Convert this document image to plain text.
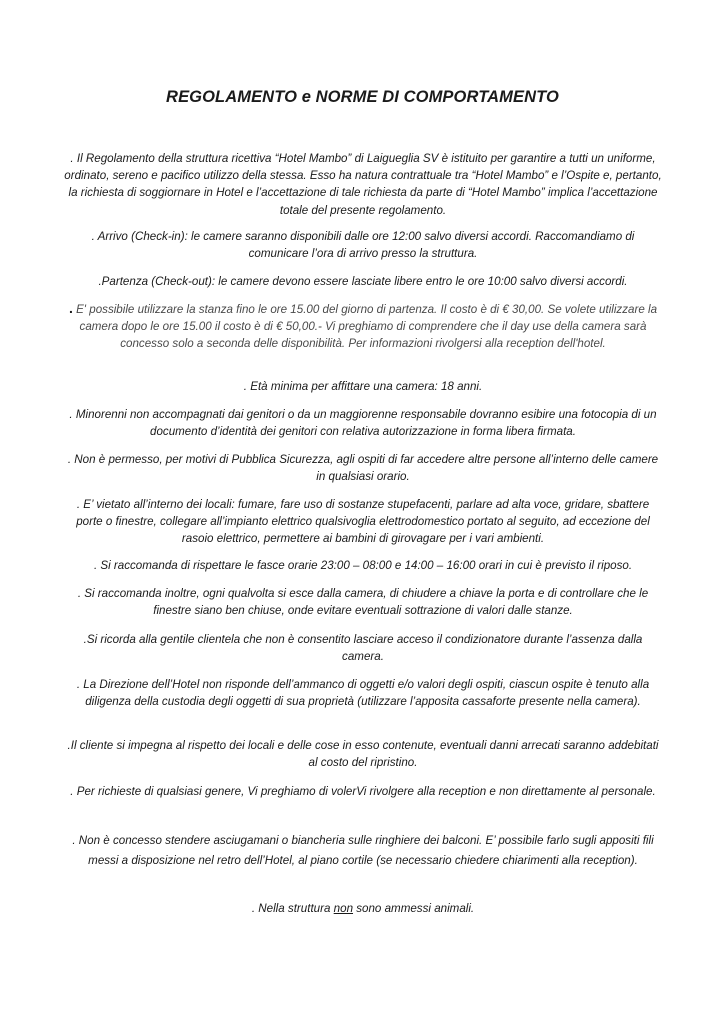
REGOLAMENTO e NORME DI COMPORTAMENTO
. Il Regolamento della struttura ricettiva “Hotel Mambo” di Laigueglia SV è istituito per garantire a tutti un uniforme, ordinato, sereno e pacifico utilizzo della stessa. Esso ha natura contrattuale tra “Hotel Mambo” e l’Ospite e, pertanto, la richiesta di soggiornare in Hotel e l’accettazione di tale richiesta da parte di “Hotel Mambo” implica l’accettazione totale del presente regolamento.
. Arrivo (Check-in): le camere saranno disponibili dalle ore 12:00 salvo diversi accordi. Raccomandiamo di comunicare l’ora di arrivo presso la struttura.
.Partenza (Check-out): le camere devono essere lasciate libere entro le ore 10:00 salvo diversi accordi.
. E' possibile utilizzare la stanza fino le ore 15.00 del giorno di partenza. Il costo è di € 30,00. Se volete utilizzare la camera dopo le ore 15.00 il costo è di € 50,00.- Vi preghiamo di comprendere che il day use della camera sarà concesso solo a seconda delle disponibilità. Per informazioni rivolgersi alla reception dell'hotel.
. Età minima per affittare una camera: 18 anni.
. Minorenni non accompagnati dai genitori o da un maggiorenne responsabile dovranno esibire una fotocopia di un documento d’identità dei genitori con relativa autorizzazione in forma libera firmata.
. Non è permesso, per motivi di Pubblica Sicurezza, agli ospiti di far accedere altre persone all’interno delle camere in qualsiasi orario.
. E’ vietato all’interno dei locali: fumare, fare uso di sostanze stupefacenti, parlare ad alta voce, gridare, sbattere porte o finestre, collegare all’impianto elettrico qualsivoglia elettrodomestico portato al seguito, ad eccezione del rasoio elettrico, permettere ai bambini di girovagare per i vari ambienti.
. Si raccomanda di rispettare le fasce orarie 23:00 – 08:00 e 14:00 – 16:00 orari in cui è previsto il riposo.
. Si raccomanda inoltre, ogni qualvolta si esce dalla camera, di chiudere a chiave la porta e di controllare che le finestre siano ben chiuse, onde evitare eventuali sottrazione di valori dalle stanze.
.Si ricorda alla gentile clientela che non è consentito lasciare acceso il condizionatore durante l’assenza dalla camera.
. La Direzione dell’Hotel non risponde dell’ammanco di oggetti e/o valori degli ospiti, ciascun ospite è tenuto alla diligenza della custodia degli oggetti di sua proprietà (utilizzare l’apposita cassaforte presente nella camera).
.Il cliente si impegna al rispetto dei locali e delle cose in esso contenute, eventuali danni arrecati saranno addebitati al costo del ripristino.
. Per richieste di qualsiasi genere, Vi preghiamo di volerVi rivolgere alla reception e non direttamente al personale.
. Non è concesso stendere asciugamani o biancheria sulle ringhiere dei balconi. E’ possibile farlo sugli appositi fili messi a disposizione nel retro dell’Hotel, al piano cortile (se necessario chiedere chiarimenti alla reception).
. Nella struttura non sono ammessi animali.
